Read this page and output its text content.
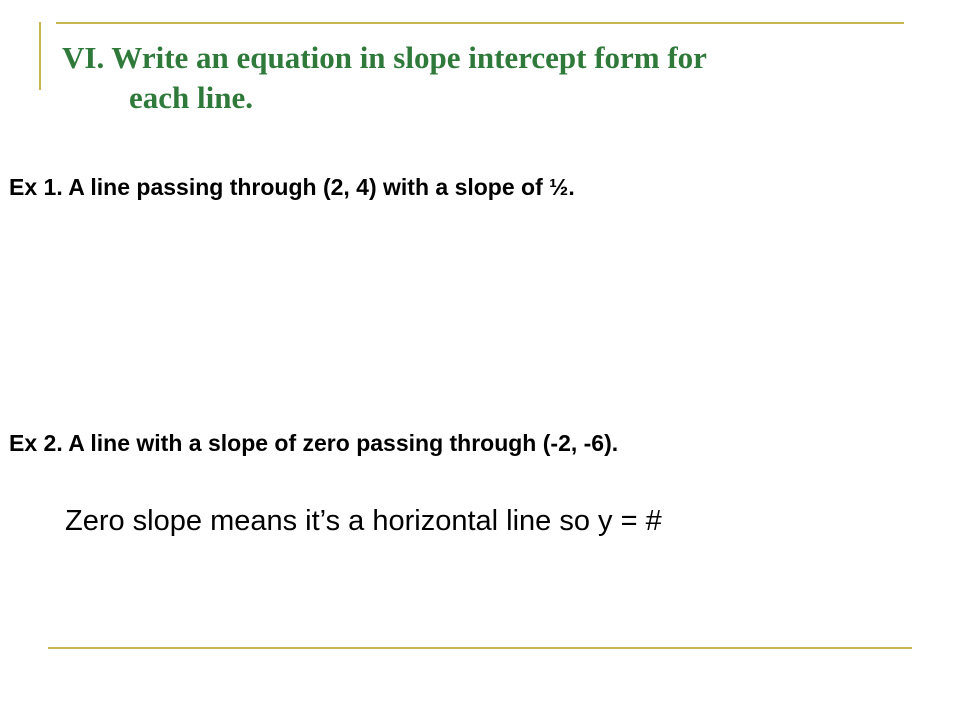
VI. Write an equation in slope intercept form for
each line.

Ex 1. A line passing through (2, 4) with a slope of ½.

Ex 2. A line with a slope of zero passing through (-2, -6).

Zero slope means it’s a horizontal line so y = #
